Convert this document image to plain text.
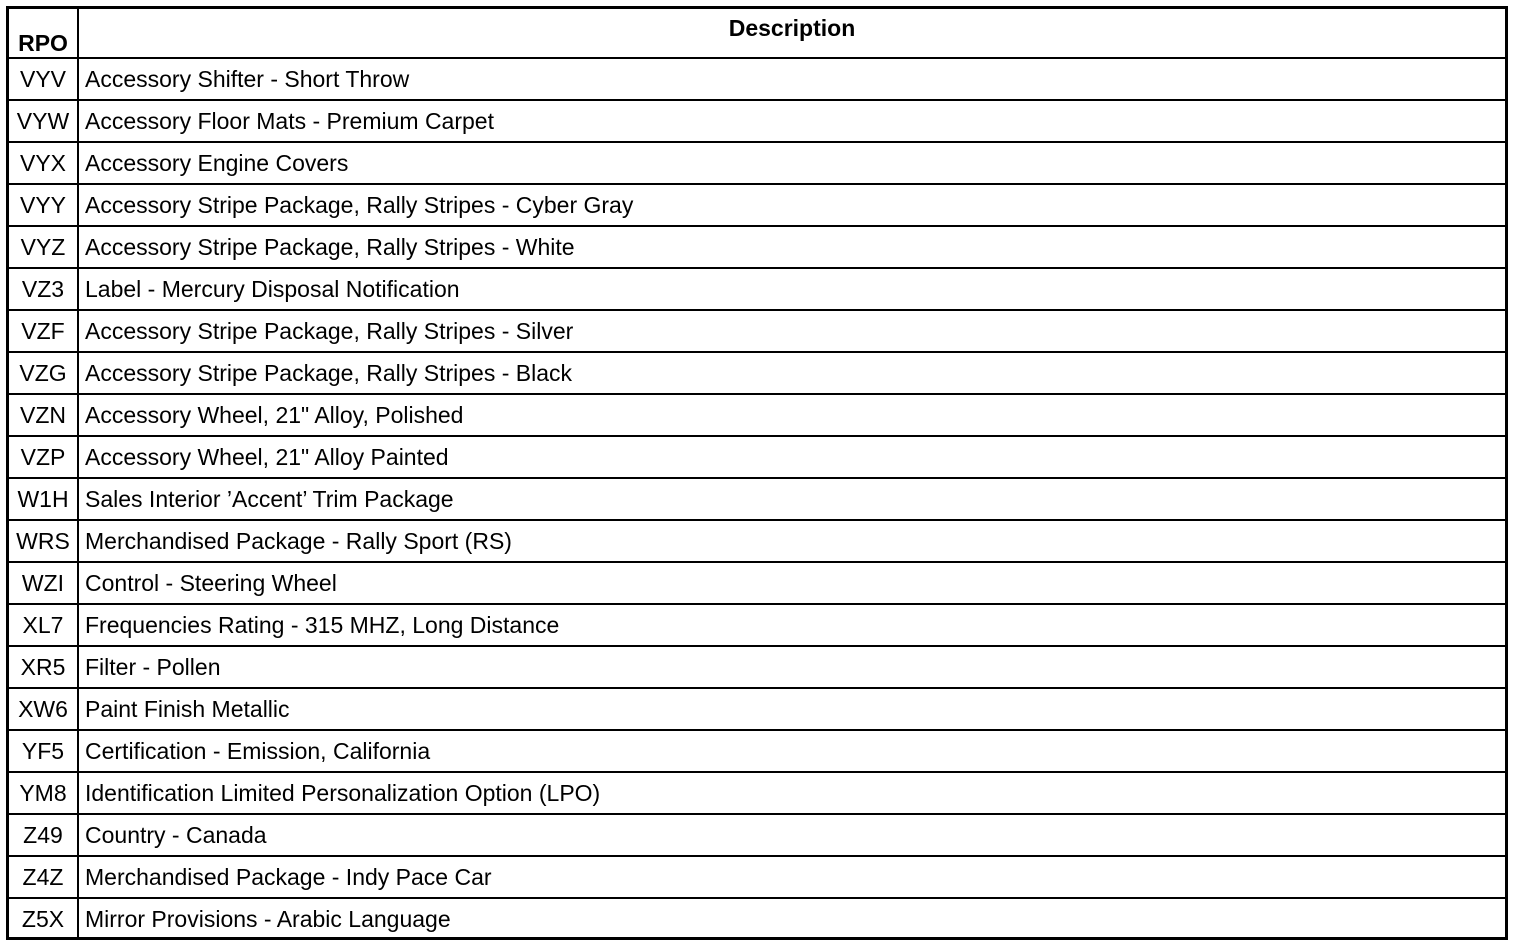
RPO	Description
VYV	Accessory Shifter - Short Throw
VYW	Accessory Floor Mats - Premium Carpet
VYX	Accessory Engine Covers
VYY	Accessory Stripe Package, Rally Stripes - Cyber Gray
VYZ	Accessory Stripe Package, Rally Stripes - White
VZ3	Label - Mercury Disposal Notification
VZF	Accessory Stripe Package, Rally Stripes - Silver
VZG	Accessory Stripe Package, Rally Stripes - Black
VZN	Accessory Wheel, 21" Alloy, Polished
VZP	Accessory Wheel, 21" Alloy Painted
W1H	Sales Interior ’Accent’ Trim Package
WRS	Merchandised Package - Rally Sport (RS)
WZI	Control - Steering Wheel
XL7	Frequencies Rating - 315 MHZ, Long Distance
XR5	Filter - Pollen
XW6	Paint Finish Metallic
YF5	Certification - Emission, California
YM8	Identification Limited Personalization Option (LPO)
Z49	Country - Canada
Z4Z	Merchandised Package - Indy Pace Car
Z5X	Mirror Provisions - Arabic Language
